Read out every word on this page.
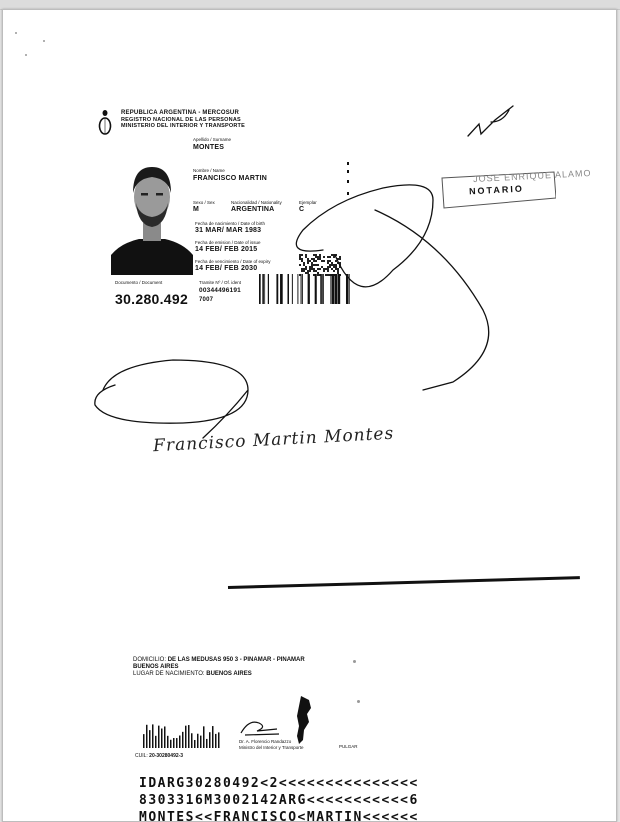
REPUBLICA ARGENTINA - MERCOSUR
REGISTRO NACIONAL DE LAS PERSONAS
MINISTERIO DEL INTERIOR Y TRANSPORTE
Apellido / Surname
MONTES
Nombre / Name
FRANCISCO MARTIN
Sexo / Sex
M
Nacionalidad / Nationality
ARGENTINA
Ejemplar
C
Fecha de nacimiento / Date of birth
31 MAR/ MAR 1983
Fecha de emision / Date of issue
14 FEB/ FEB 2015
Fecha de vencimiento / Date of expiry
14 FEB/ FEB 2030
Documento / Document
30.280.492
Tramite Nº / Of. ident
00344496191
7007
JOSE ENRIQUE ALAMO
NOTARIO
Francisco Martin Montes
DOMICILIO: DE LAS MEDUSAS 950 3 - PINAMAR - PINAMAR
BUENOS AIRES
LUGAR DE NACIMIENTO: BUENOS AIRES
Dr. A. Florencio Randazzo
Ministro del Interior y Transporte	PULGAR
CUIL: 20-30280492-3
IDARG30280492<2<<<<<<<<<<<<<<<
8303316M3002142ARG<<<<<<<<<<<6
MONTES<<FRANCISCO<MARTIN<<<<<<
